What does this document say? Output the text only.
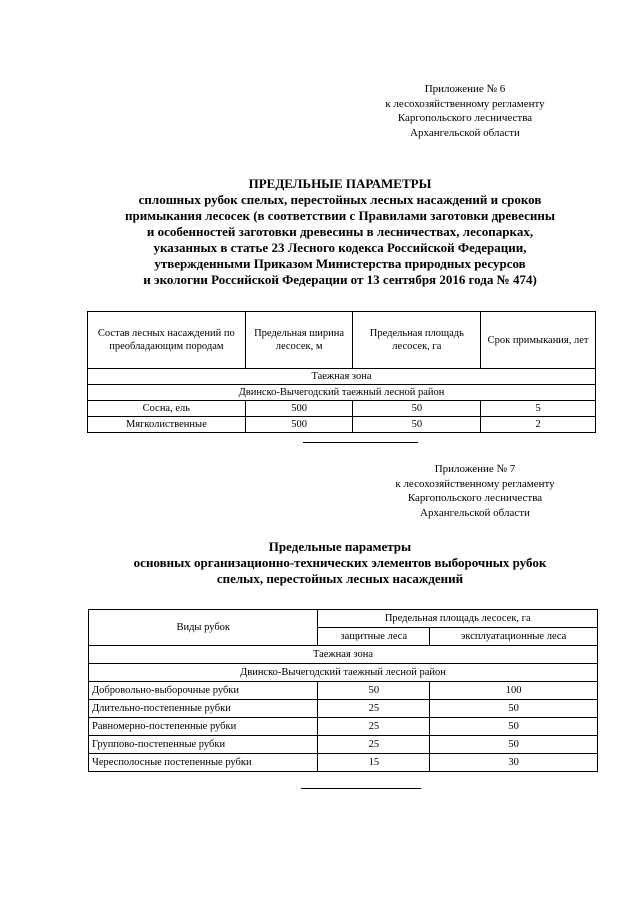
Приложение № 6
к лесохозяйственному регламенту
Каргопольского лесничества
Архангельской области
ПРЕДЕЛЬНЫЕ ПАРАМЕТРЫ
сплошных рубок спелых, перестойных лесных насаждений и сроков
примыкания лесосек (в соответствии с Правилами заготовки древесины
и особенностей заготовки древесины в лесничествах, лесопарках,
указанных в статье 23 Лесного кодекса Российской Федерации,
утвержденными Приказом Министерства природных ресурсов
и экологии Российской Федерации от 13 сентября 2016 года № 474)
Состав лесных насаждений по преобладающим породам	Предельная ширина лесосек, м	Предельная площадь лесосек, га	Срок примыкания, лет
Таежная зона			
Двинско-Вычегодский таежный лесной район			
Сосна, ель	500	50	5
Мягколиственные	500	50	2
Приложение № 7
к лесохозяйственному регламенту
Каргопольского лесничества
Архангельской области
Предельные параметры
основных организационно-технических элементов выборочных рубок
спелых, перестойных лесных насаждений
Виды рубок	Предельная площадь лесосек, га	
	защитные леса	эксплуатационные леса
Таежная зона		
Двинско-Вычегодский таежный лесной район		
Добровольно-выборочные рубки	50	100
Длительно-постепенные рубки	25	50
Равномерно-постепенные рубки	25	50
Группово-постепенные рубки	25	50
Чересполосные постепенные рубки	15	30
